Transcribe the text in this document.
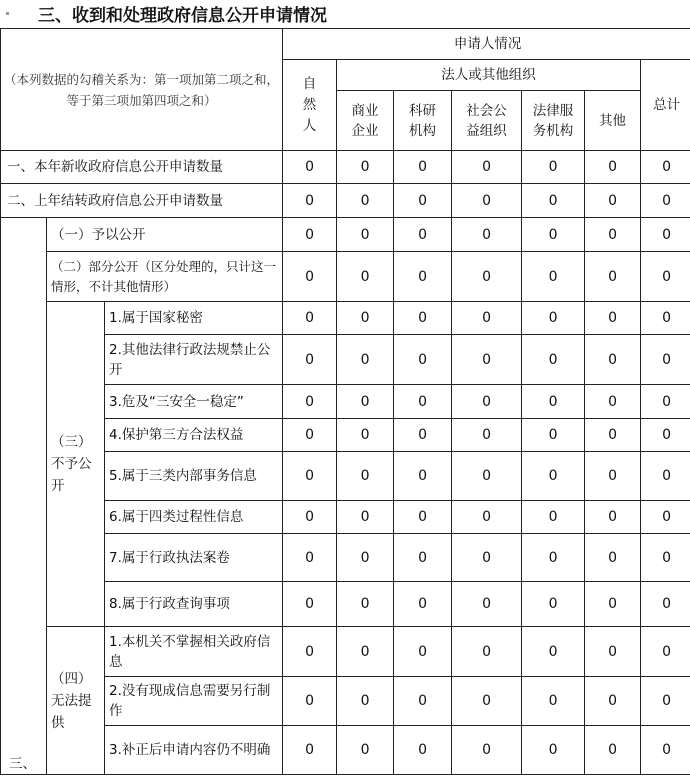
三、收到和处理政府信息公开申请情况
（本列数据的勾稽关系为：第一项加第二项之和，等于第三项加第四项之和）			申请人情况						
			自然人	法人或其他组织					总计
				商业企业	科研机构	社会公益组织	法律服务机构	其他	
一、本年新收政府信息公开申请数量			0	0	0	0	0	0	0
二、上年结转政府信息公开申请数量			0	0	0	0	0	0	0
三、	（一）予以公开		0	0	0	0	0	0	0
	（二）部分公开（区分处理的，只计这一情形，不计其他情形）		0	0	0	0	0	0	0
	（三）不予公开	1.属于国家秘密	0	0	0	0	0	0	0
		2.其他法律行政法规禁止公开	0	0	0	0	0	0	0
		3.危及“三安全一稳定”	0	0	0	0	0	0	0
		4.保护第三方合法权益	0	0	0	0	0	0	0
		5.属于三类内部事务信息	0	0	0	0	0	0	0
		6.属于四类过程性信息	0	0	0	0	0	0	0
		7.属于行政执法案卷	0	0	0	0	0	0	0
		8.属于行政查询事项	0	0	0	0	0	0	0
	（四）无法提供	1.本机关不掌握相关政府信息	0	0	0	0	0	0	0
		2.没有现成信息需要另行制作	0	0	0	0	0	0	0
		3.补正后申请内容仍不明确	0	0	0	0	0	0	0
